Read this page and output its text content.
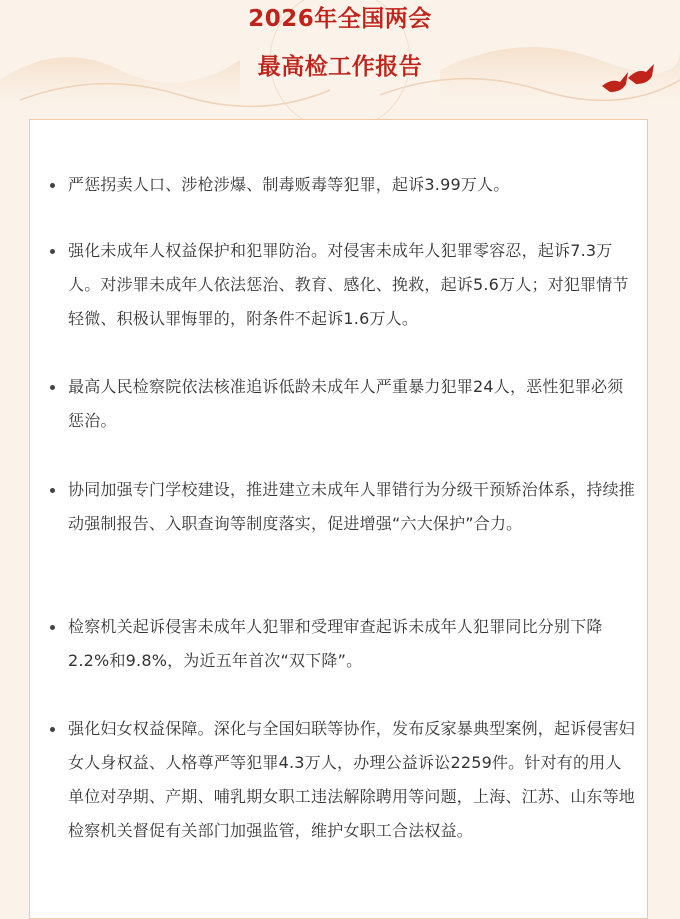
2026年全国两会
最高检工作报告
严惩拐卖人口、涉枪涉爆、制毒贩毒等犯罪，起诉3.99万人。
强化未成年人权益保护和犯罪防治。对侵害未成年人犯罪零容忍，起诉7.3万人。对涉罪未成年人依法惩治、教育、感化、挽救，起诉5.6万人；对犯罪情节轻微、积极认罪悔罪的，附条件不起诉1.6万人。
最高人民检察院依法核准追诉低龄未成年人严重暴力犯罪24人，恶性犯罪必须惩治。
协同加强专门学校建设，推进建立未成年人罪错行为分级干预矫治体系，持续推动强制报告、入职查询等制度落实，促进增强“六大保护”合力。
检察机关起诉侵害未成年人犯罪和受理审查起诉未成年人犯罪同比分别下降2.2%和9.8%，为近五年首次“双下降”。
强化妇女权益保障。深化与全国妇联等协作，发布反家暴典型案例，起诉侵害妇女人身权益、人格尊严等犯罪4.3万人，办理公益诉讼2259件。针对有的用人单位对孕期、产期、哺乳期女职工违法解除聘用等问题，上海、江苏、山东等地检察机关督促有关部门加强监管，维护女职工合法权益。
